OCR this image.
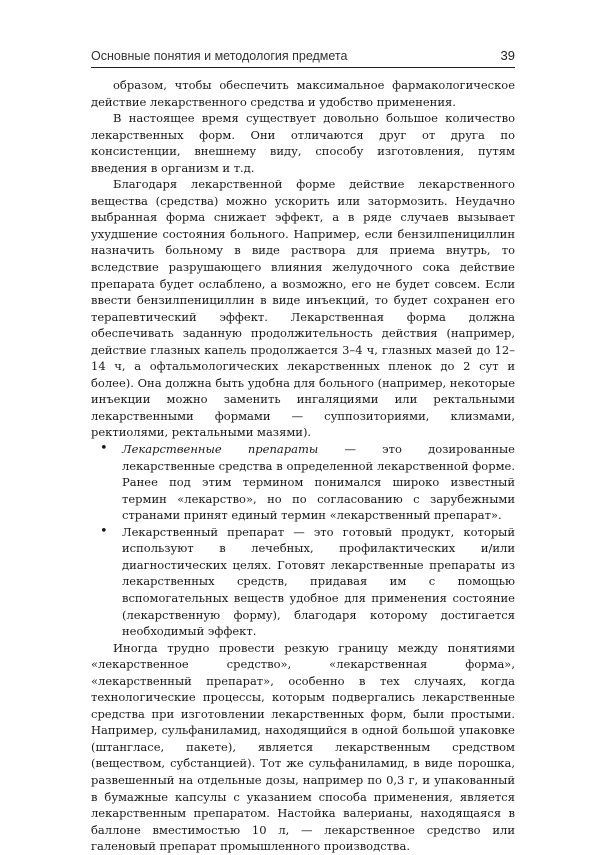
Основные понятия и методология предмета	39

образом, чтобы обеспечить максимальное фармакологическое действие лекарственного средства и удобство применения.

В настоящее время существует довольно большое количество лекарственных форм. Они отличаются друг от друга по консистенции, внешнему виду, способу изготовления, путям введения в организм и т.д.

Благодаря лекарственной форме действие лекарственного вещества (средства) можно ускорить или затормозить. Неудачно выбранная форма снижает эффект, а в ряде случаев вызывает ухудшение состояния больного. Например, если бензилпенициллин назначить больному в виде раствора для приема внутрь, то вследствие разрушающего влияния желудочного сока действие препарата будет ослаблено, а возможно, его не будет совсем. Если ввести бензилпенициллин в виде инъекций, то будет сохранен его терапевтический эффект. Лекарственная форма должна обеспечивать заданную продолжительность действия (например, действие глазных капель продолжается 3–4 ч, глазных мазей до 12–14 ч, а офтальмологических лекарственных пленок до 2 сут и более). Она должна быть удобна для больного (например, некоторые инъекции можно заменить ингаляциями или ректальными лекарственными формами — суппозиториями, клизмами, ректиолями, ректальными мазями).

• Лекарственные препараты — это дозированные лекарственные средства в определенной лекарственной форме. Ранее под этим термином понимался широко известный термин «лекарство», но по согласованию с зарубежными странами принят единый термин «лекарственный препарат».
• Лекарственный препарат — это готовый продукт, который используют в лечебных, профилактических и/или диагностических целях. Готовят лекарственные препараты из лекарственных средств, придавая им с помощью вспомогательных веществ удобное для применения состояние (лекарственную форму), благодаря которому достигается необходимый эффект.

Иногда трудно провести резкую границу между понятиями «лекарственное средство», «лекарственная форма», «лекарственный препарат», особенно в тех случаях, когда технологические процессы, которым подвергались лекарственные средства при изготовлении лекарственных форм, были простыми. Например, сульфаниламид, находящийся в одной большой упаковке (штангласе, пакете), является лекарственным средством (веществом, субстанцией). Тот же сульфаниламид, в виде порошка, развешенный на отдельные дозы, например по 0,3 г, и упакованный в бумажные капсулы с указанием способа применения, является лекарственным препаратом. Настойка валерианы, находящаяся в баллоне вместимостью 10 л, — лекарственное средство или галеновый препарат промышленного производства.
